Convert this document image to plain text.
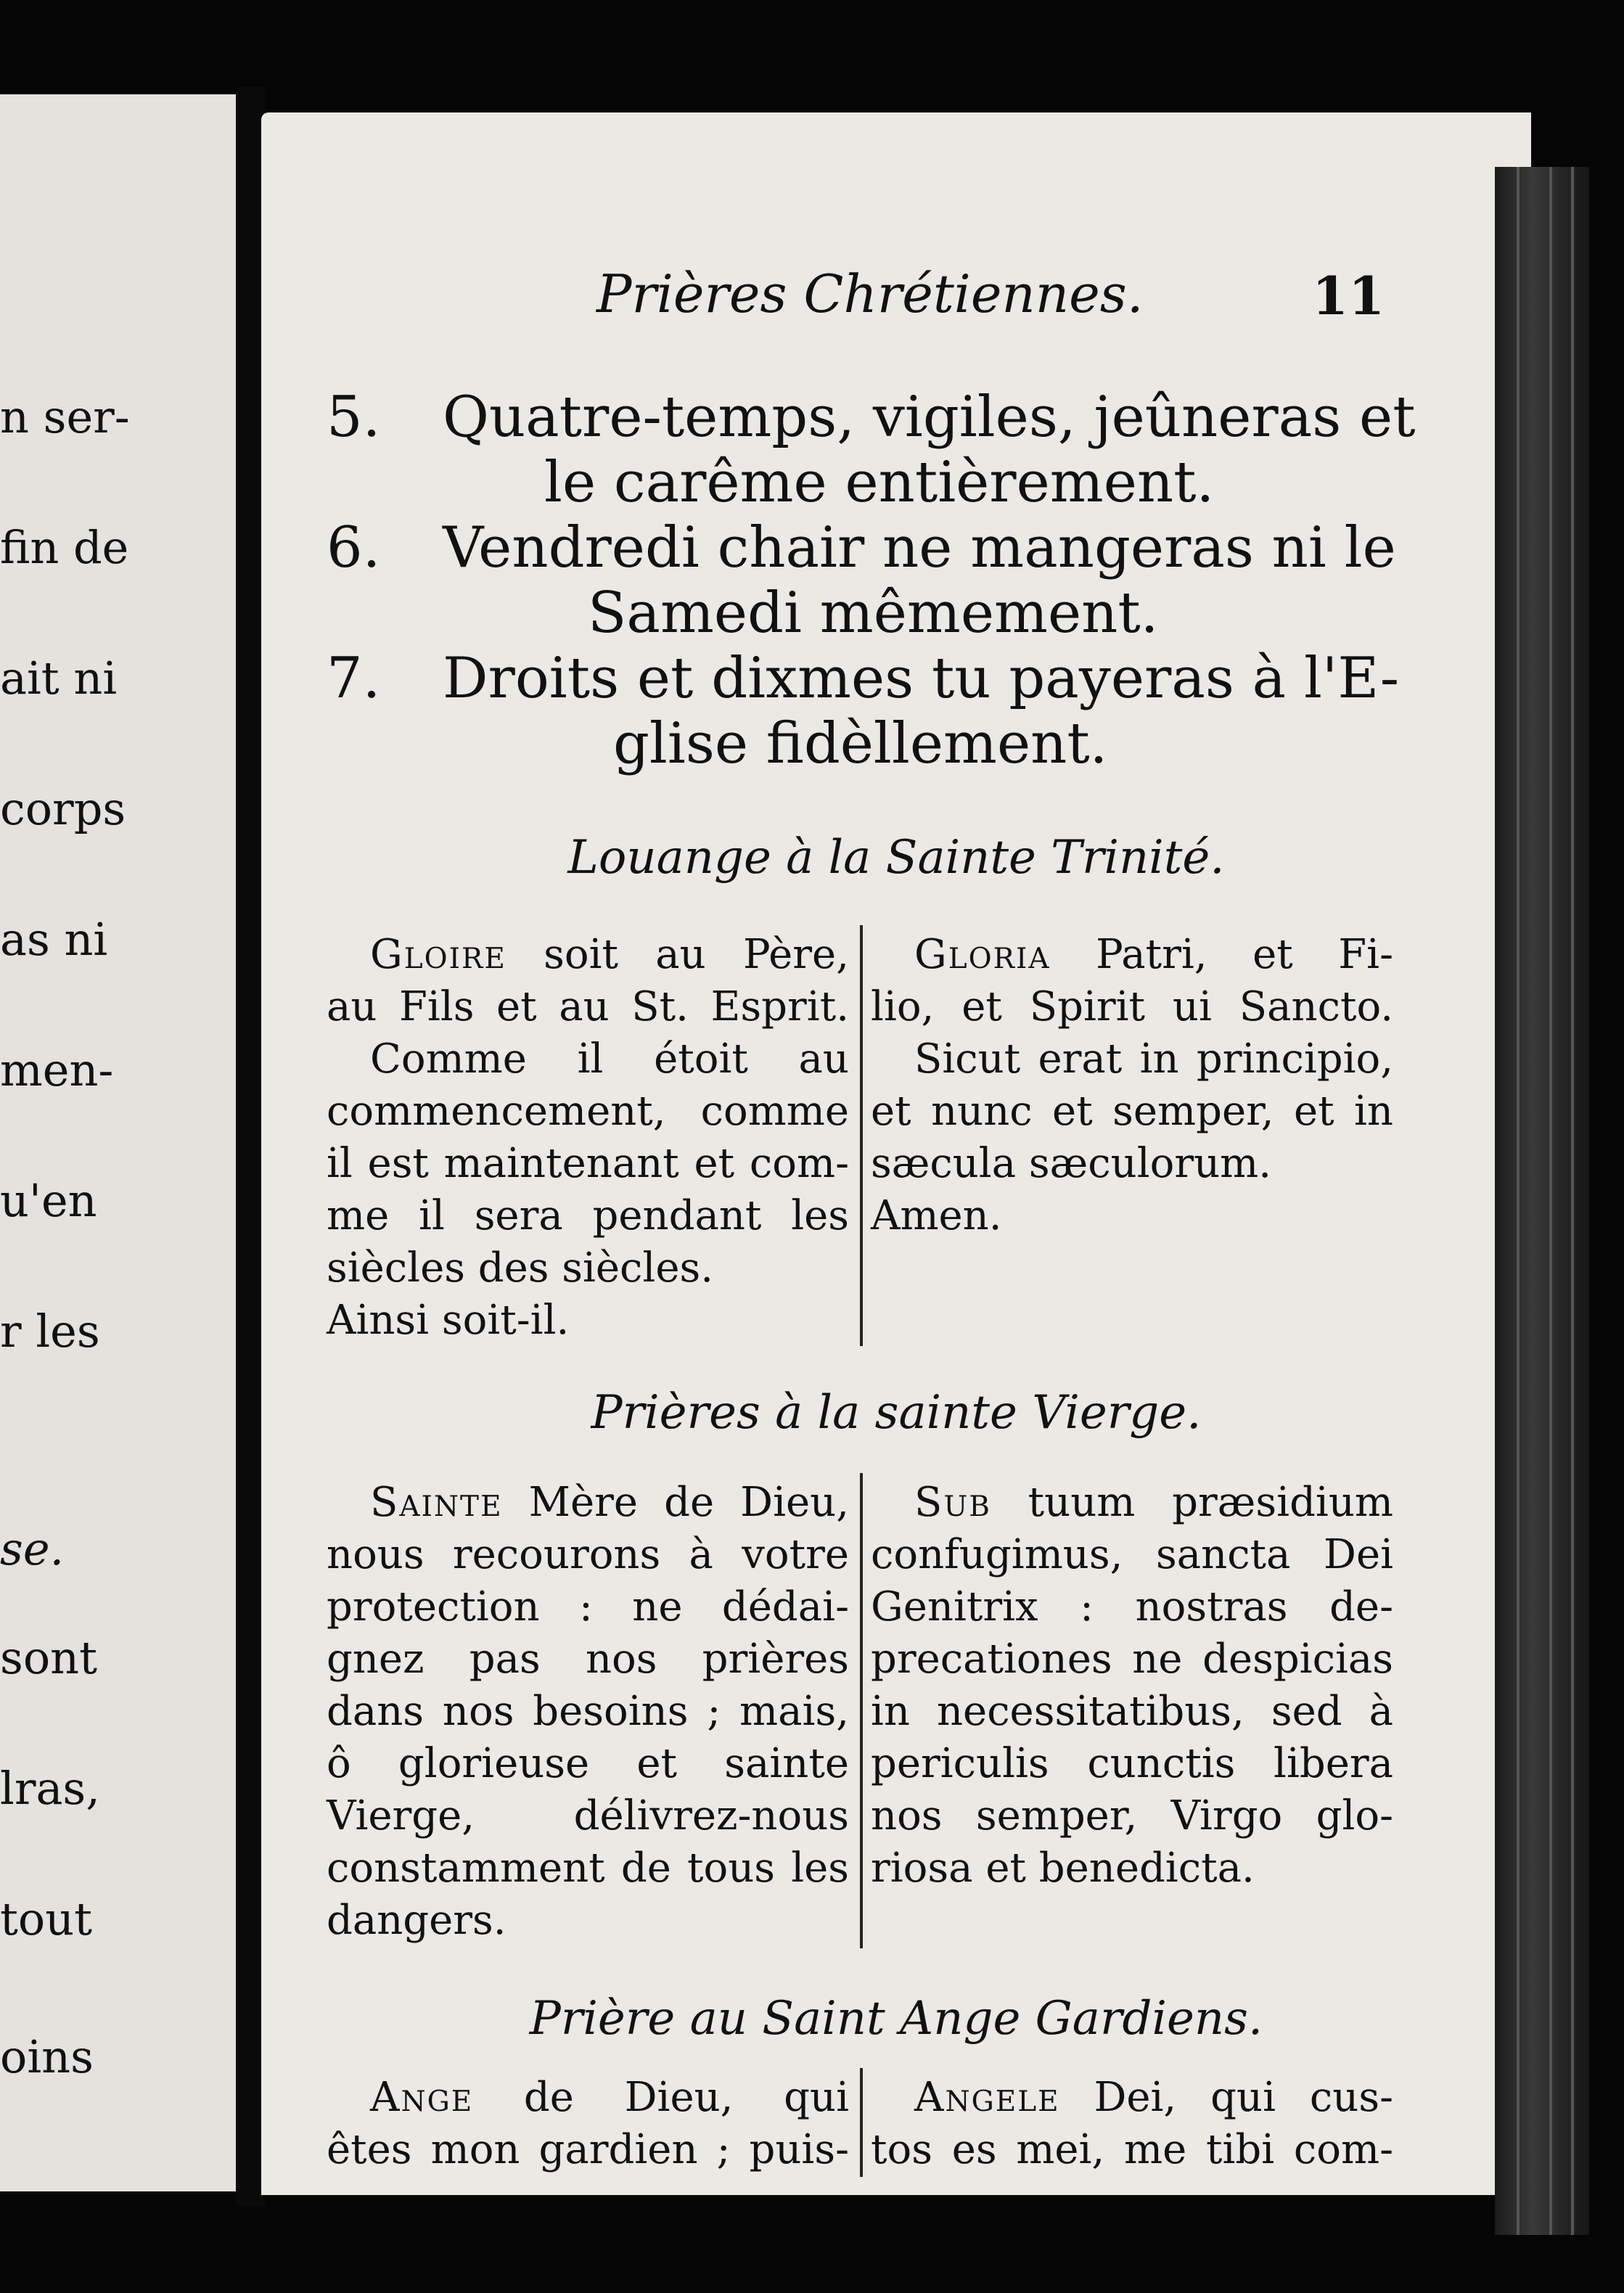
n ser-
fin de
ait ni
corps
as ni
men-
u'en
r les
se.
sont
lras,
tout
oins
Prières Chrétiennes.	11
5. Quatre-temps, vigiles, jeûneras et
le carême entièrement.
6. Vendredi chair ne mangeras ni le
Samedi mêmement.
7. Droits et dixmes tu payeras à l'E-
glise fidèllement.
Louange à la Sainte Trinité.
Gloire soit au Père,
au Fils et au St. Esprit.
Comme il étoit au
commencement, comme
il est maintenant et com-
me il sera pendant les
siècles des siècles.
Ainsi soit-il.
Gloria Patri, et Fi-
lio, et Spirit ui Sancto.
Sicut erat in principio,
et nunc et semper, et in
sæcula sæculorum.
Amen.
Prières à la sainte Vierge.
Sainte Mère de Dieu,
nous recourons à votre
protection : ne dédai-
gnez pas nos prières
dans nos besoins ; mais,
ô glorieuse et sainte
Vierge, délivrez-nous
constamment de tous les
dangers.
Sub tuum præsidium
confugimus, sancta Dei
Genitrix : nostras de-
precationes ne despicias
in necessitatibus, sed à
periculis cunctis libera
nos semper, Virgo glo-
riosa et benedicta.
Prière au Saint Ange Gardiens.
Ange de Dieu, qui
êtes mon gardien ; puis-
Angele Dei, qui cus-
tos es mei, me tibi com-
